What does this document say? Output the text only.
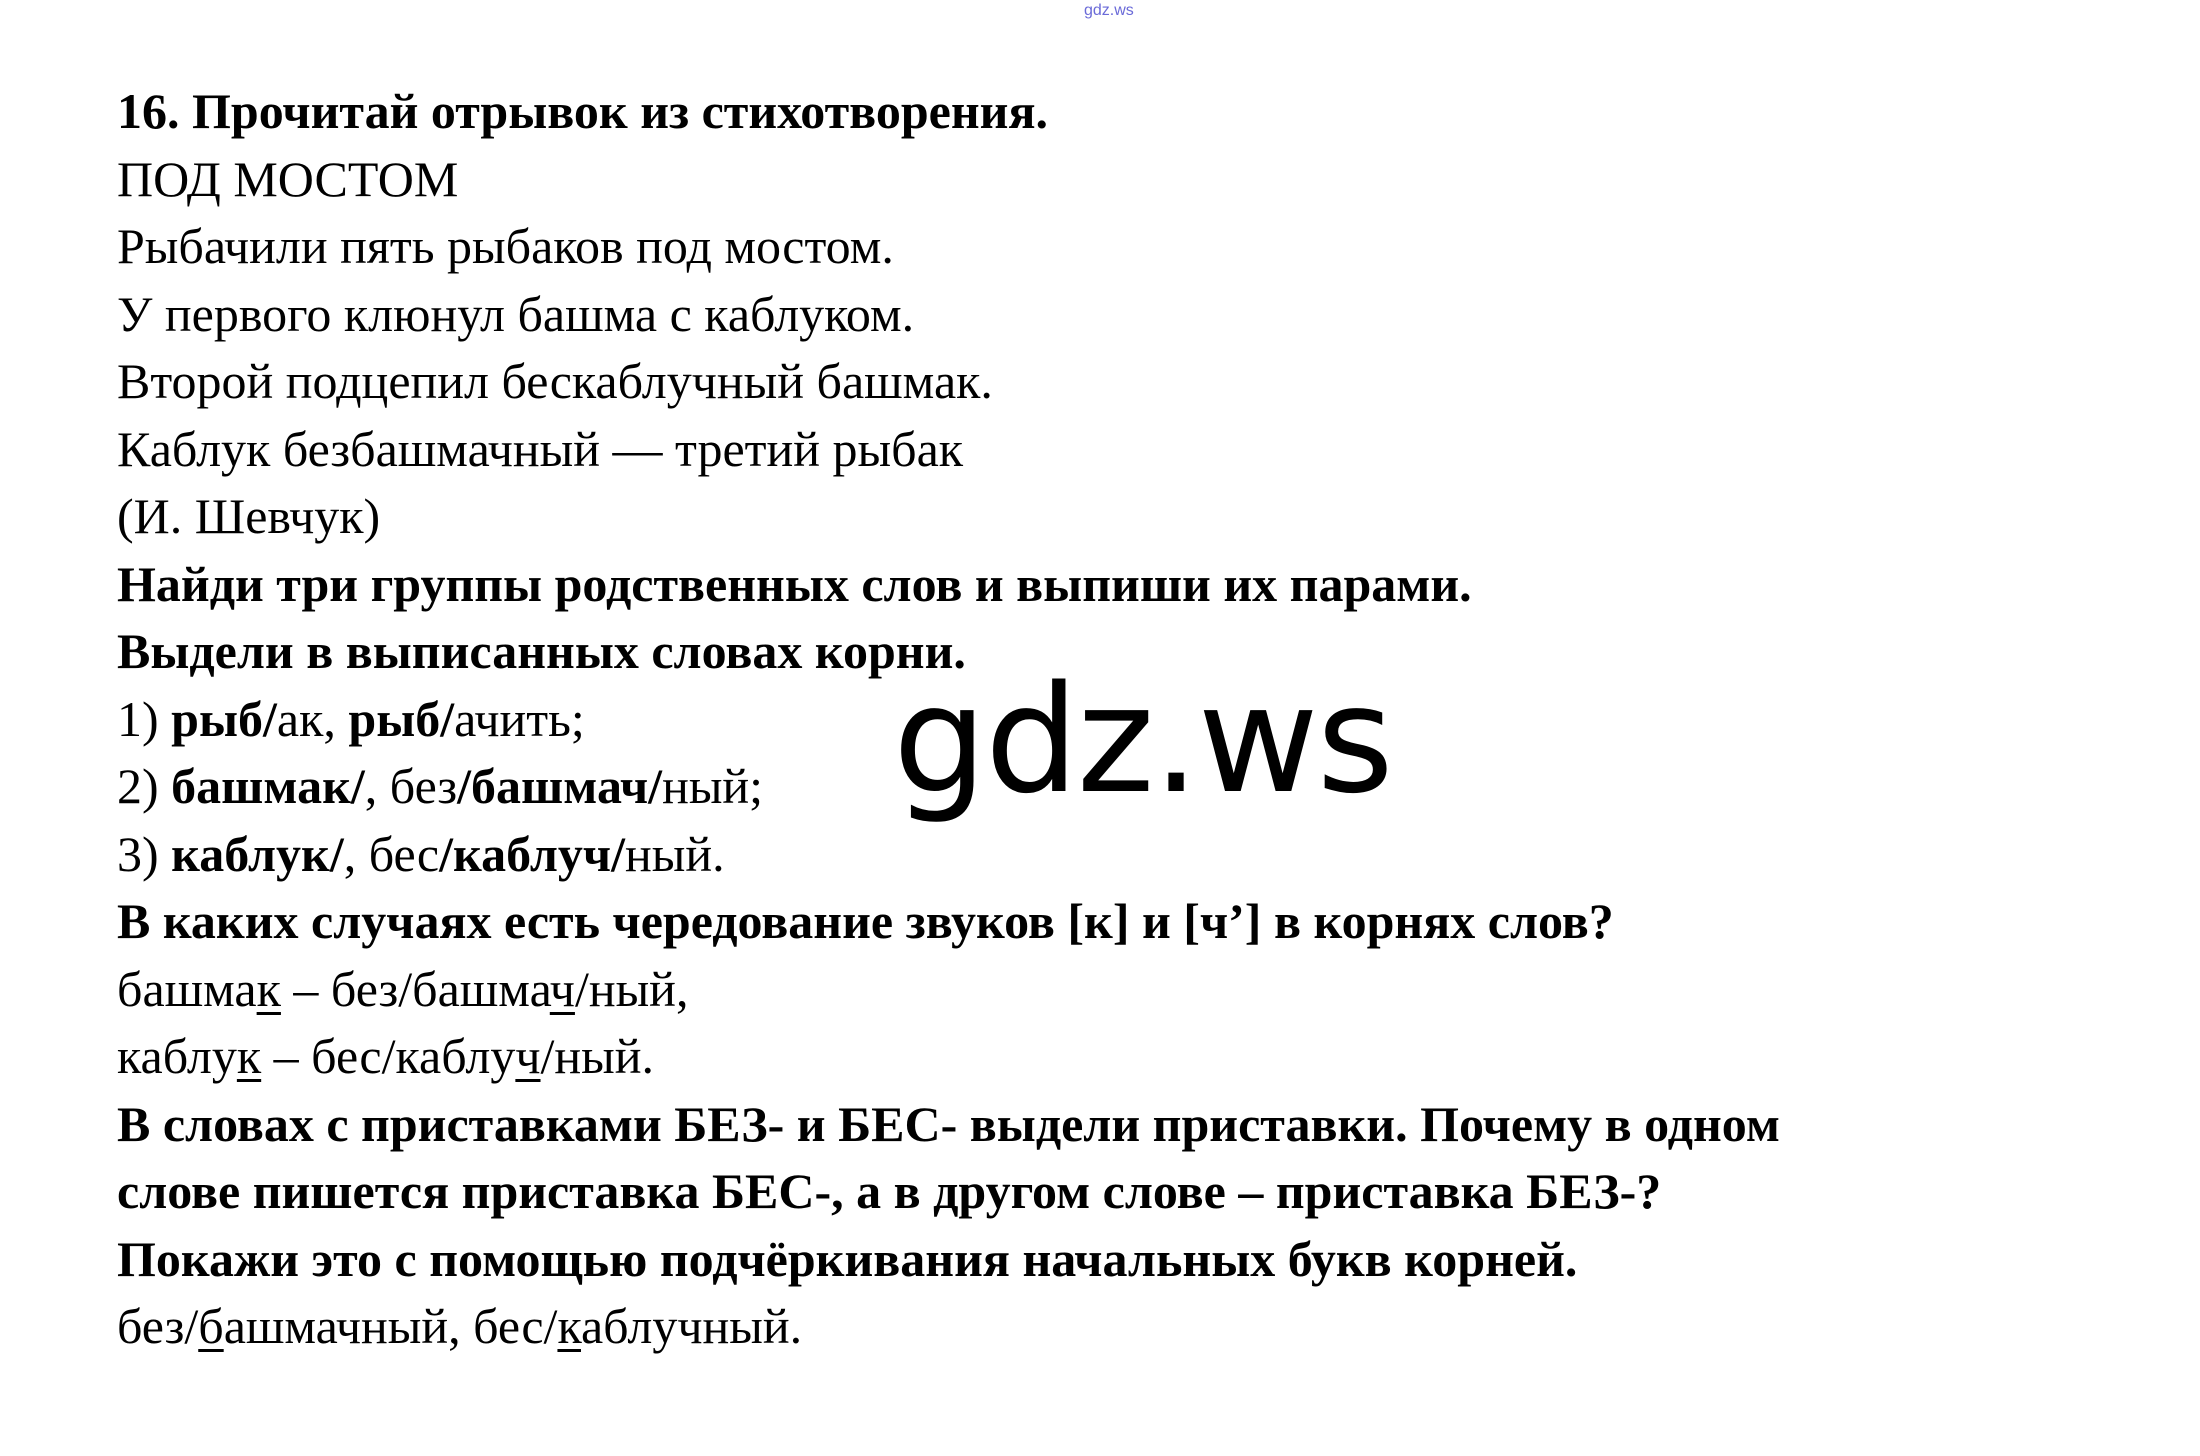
gdz.ws
16. Прочитай отрывок из стихотворения.
ПОД МОСТОМ
Рыбачили пять рыбаков под мостом.
У первого клюнул башма с каблуком.
Второй подцепил бескаблучный башмак.
Каблук безбашмачный — третий рыбак
(И. Шевчук)
Найди три группы родственных слов и выпиши их парами.
Выдели в выписанных словах корни.
1) рыб/ак, рыб/ачить;
2) башмак/, без/башмач/ный;
3) каблук/, бес/каблуч/ный.
В каких случаях есть чередование звуков [к] и [ч’] в корнях слов?
башмак – без/башмач/ный,
каблук – бес/каблуч/ный.
В словах с приставками БЕЗ- и БЕС- выдели приставки. Почему в одном
слове пишется приставка БЕС-, а в другом слове – приставка БЕЗ-?
Покажи это с помощью подчёркивания начальных букв корней.
без/башмачный, бес/каблучный.
gdz.ws
